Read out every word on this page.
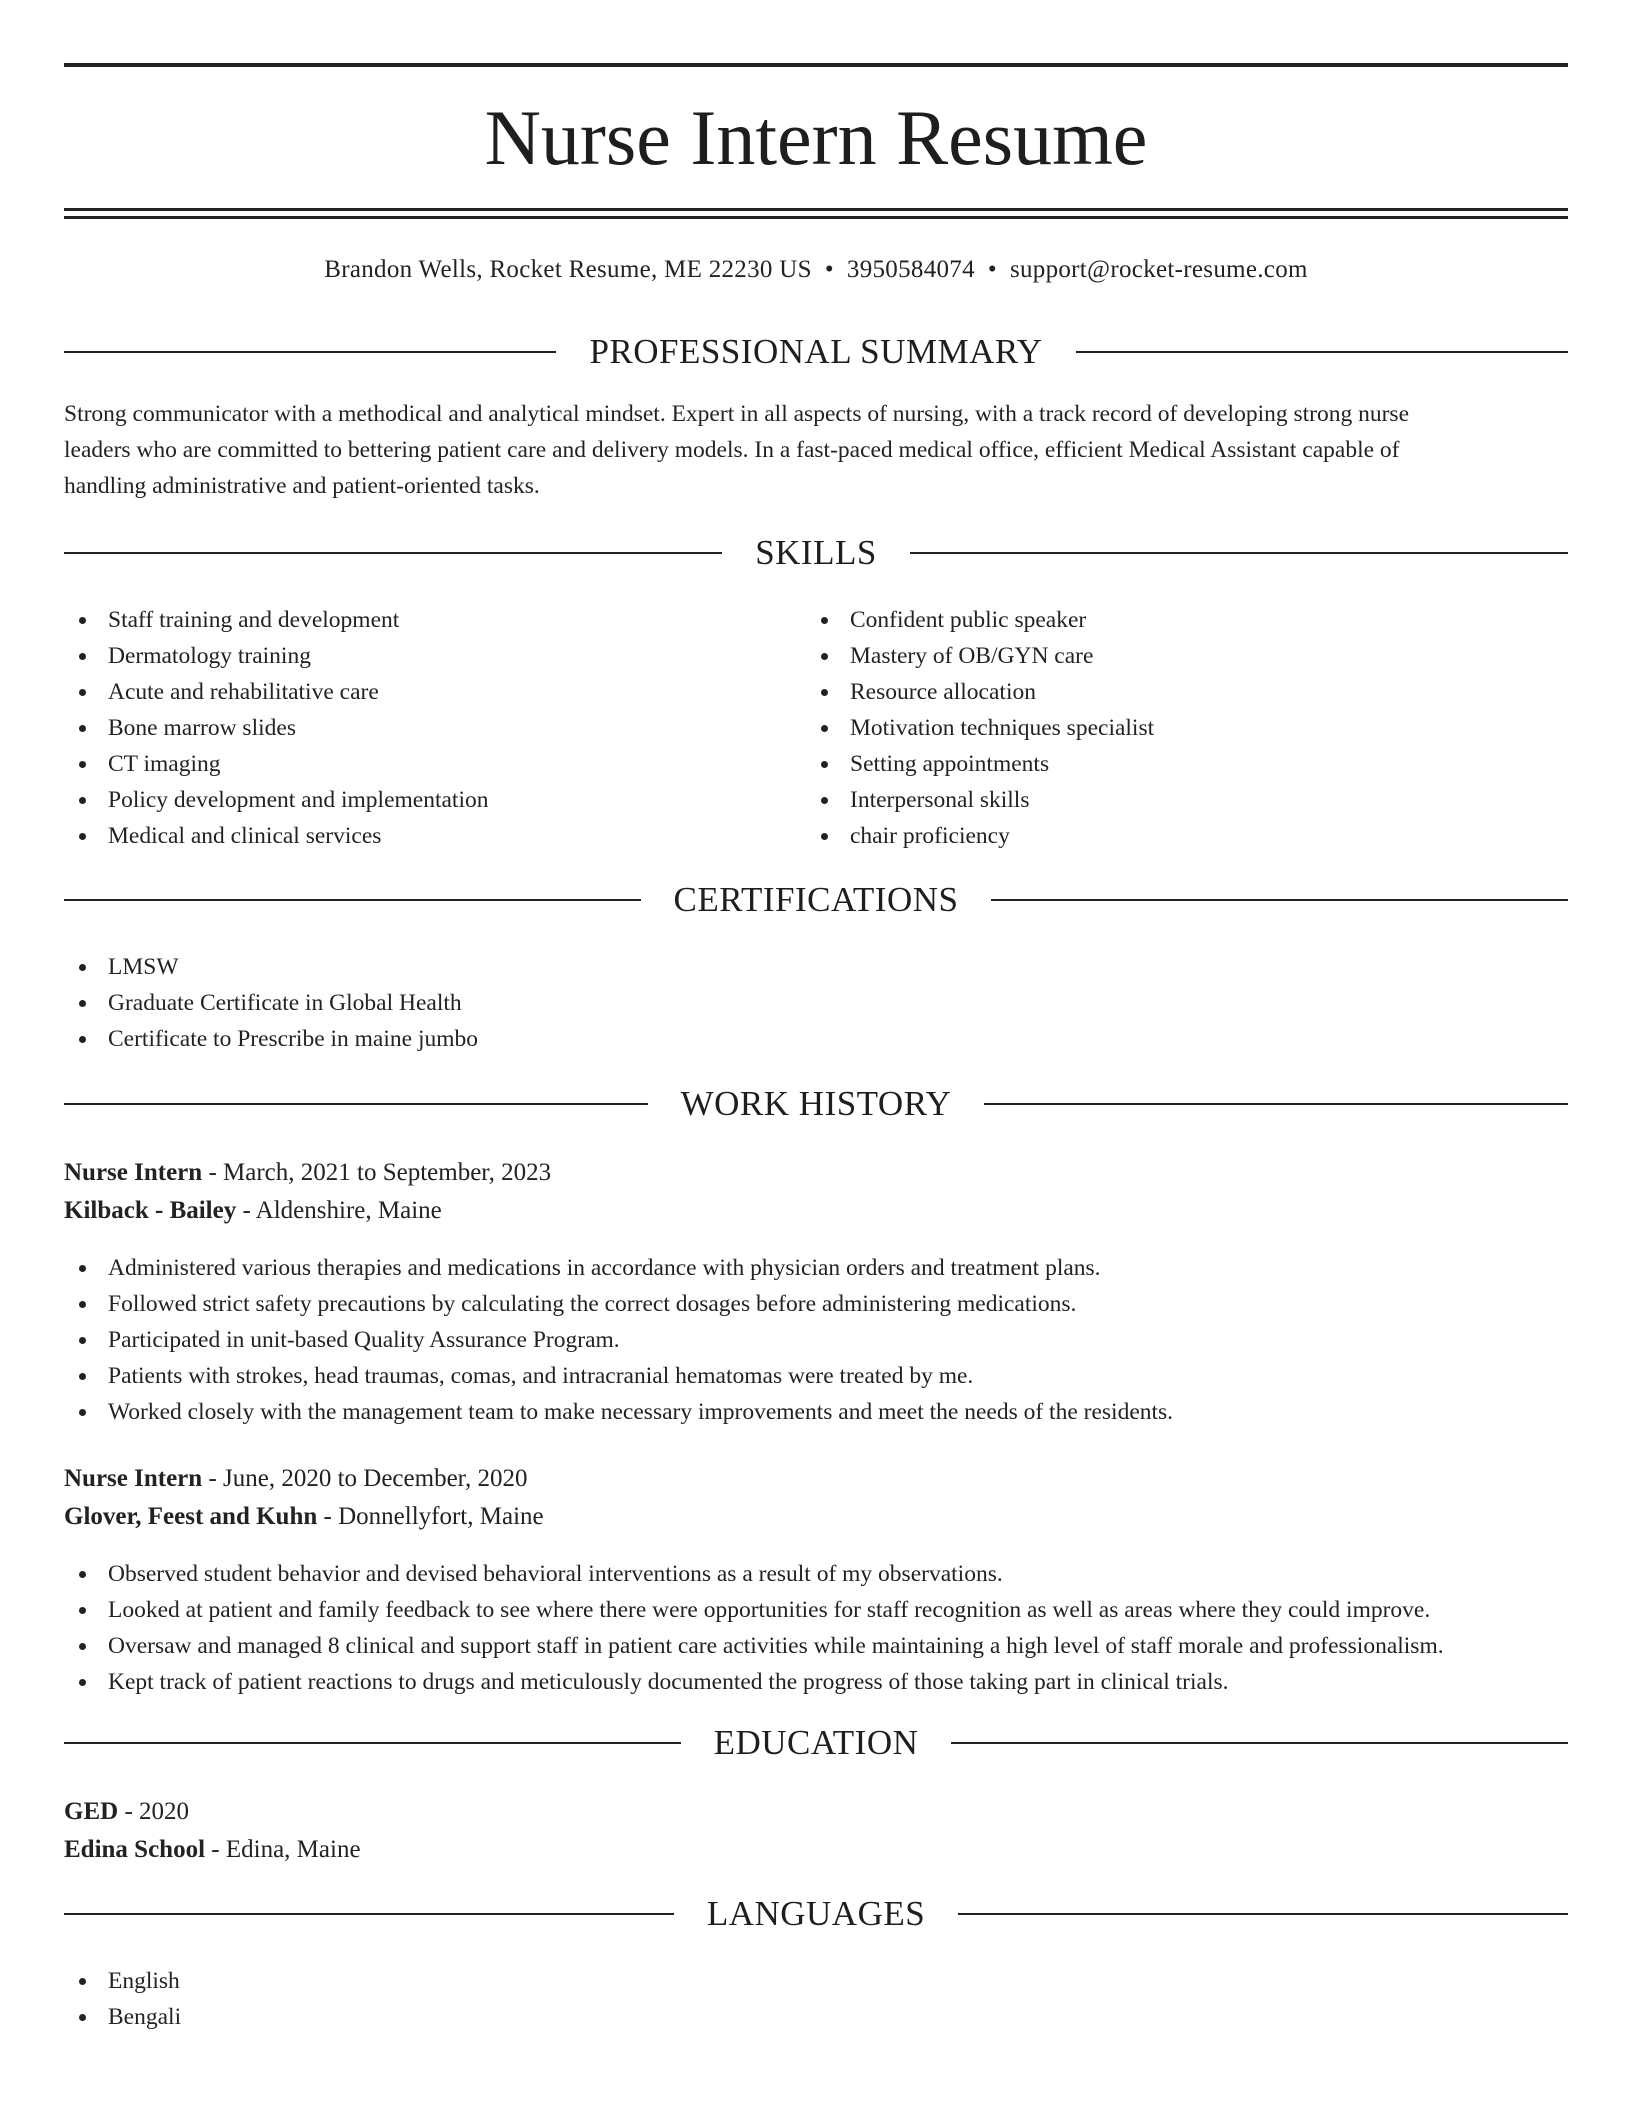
Nurse Intern Resume
Brandon Wells, Rocket Resume, ME 22230 US • 3950584074 • support@rocket-resume.com
PROFESSIONAL SUMMARY
Strong communicator with a methodical and analytical mindset. Expert in all aspects of nursing, with a track record of developing strong nurse
leaders who are committed to bettering patient care and delivery models. In a fast-paced medical office, efficient Medical Assistant capable of
handling administrative and patient-oriented tasks.
SKILLS
Staff training and development
Dermatology training
Acute and rehabilitative care
Bone marrow slides
CT imaging
Policy development and implementation
Medical and clinical services
Confident public speaker
Mastery of OB/GYN care
Resource allocation
Motivation techniques specialist
Setting appointments
Interpersonal skills
chair proficiency
CERTIFICATIONS
LMSW
Graduate Certificate in Global Health
Certificate to Prescribe in maine jumbo
WORK HISTORY
Nurse Intern - March, 2021 to September, 2023
Kilback - Bailey - Aldenshire, Maine
Administered various therapies and medications in accordance with physician orders and treatment plans.
Followed strict safety precautions by calculating the correct dosages before administering medications.
Participated in unit-based Quality Assurance Program.
Patients with strokes, head traumas, comas, and intracranial hematomas were treated by me.
Worked closely with the management team to make necessary improvements and meet the needs of the residents.
Nurse Intern - June, 2020 to December, 2020
Glover, Feest and Kuhn - Donnellyfort, Maine
Observed student behavior and devised behavioral interventions as a result of my observations.
Looked at patient and family feedback to see where there were opportunities for staff recognition as well as areas where they could improve.
Oversaw and managed 8 clinical and support staff in patient care activities while maintaining a high level of staff morale and professionalism.
Kept track of patient reactions to drugs and meticulously documented the progress of those taking part in clinical trials.
EDUCATION
GED - 2020
Edina School - Edina, Maine
LANGUAGES
English
Bengali
